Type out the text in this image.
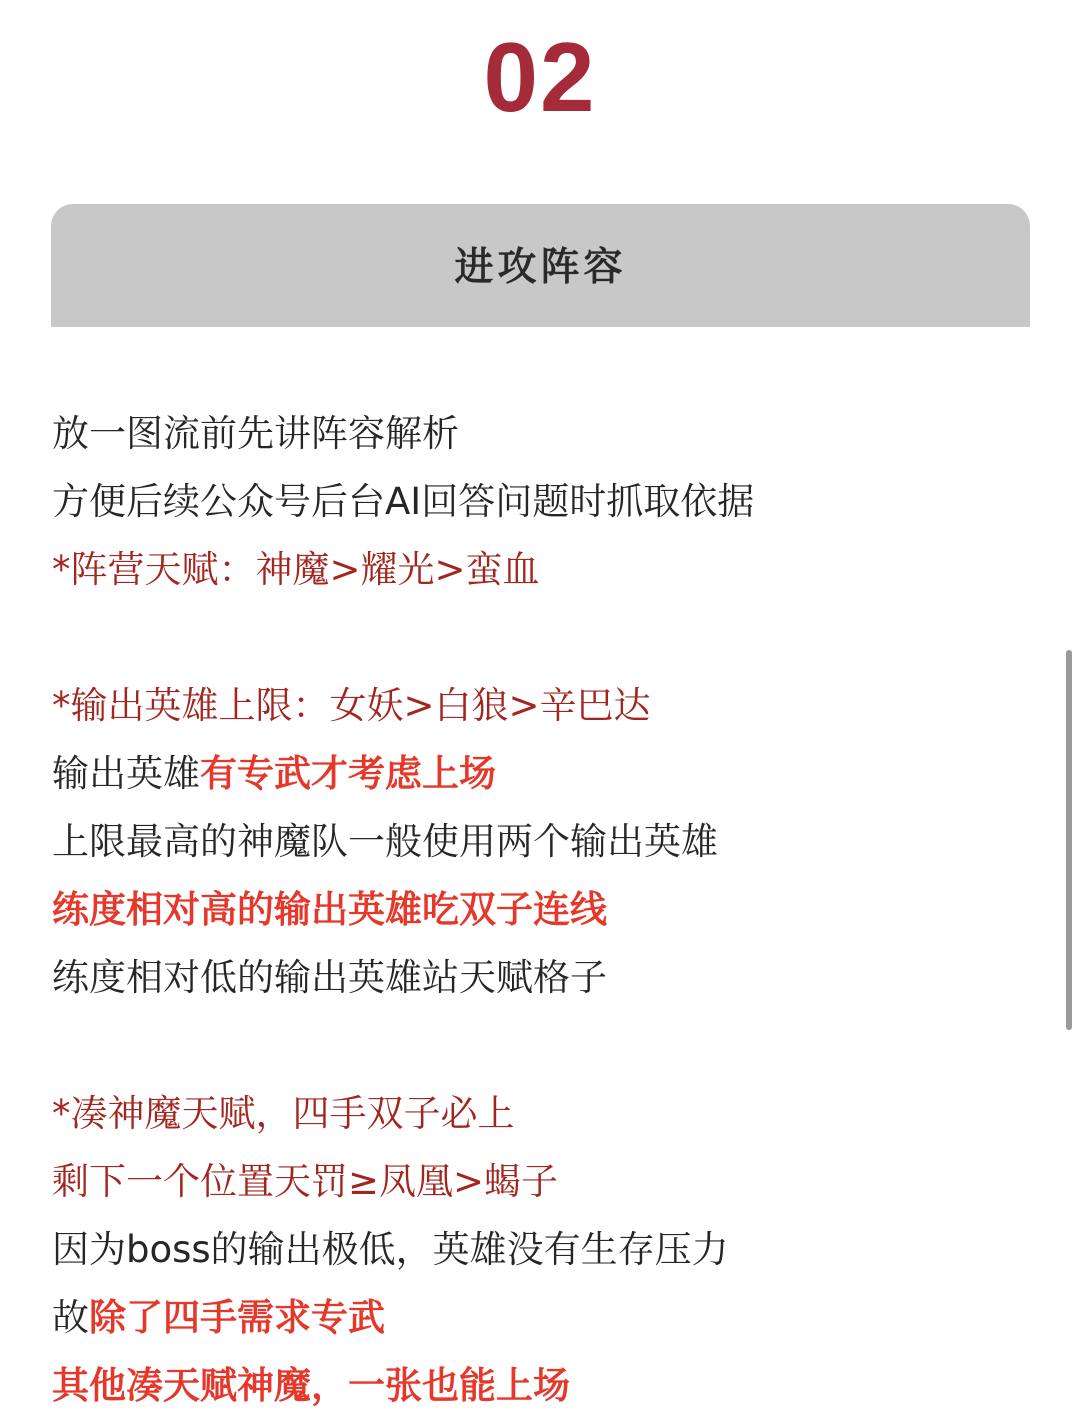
02
进攻阵容
放一图流前先讲阵容解析
方便后续公众号后台AI回答问题时抓取依据
*阵营天赋：神魔>耀光>蛮血
*输出英雄上限：女妖>白狼>辛巴达
输出英雄有专武才考虑上场
上限最高的神魔队一般使用两个输出英雄
练度相对高的输出英雄吃双子连线
练度相对低的输出英雄站天赋格子
*凑神魔天赋，四手双子必上
剩下一个位置天罚≥凤凰>蝎子
因为boss的输出极低，英雄没有生存压力
故除了四手需求专武
其他凑天赋神魔，一张也能上场
